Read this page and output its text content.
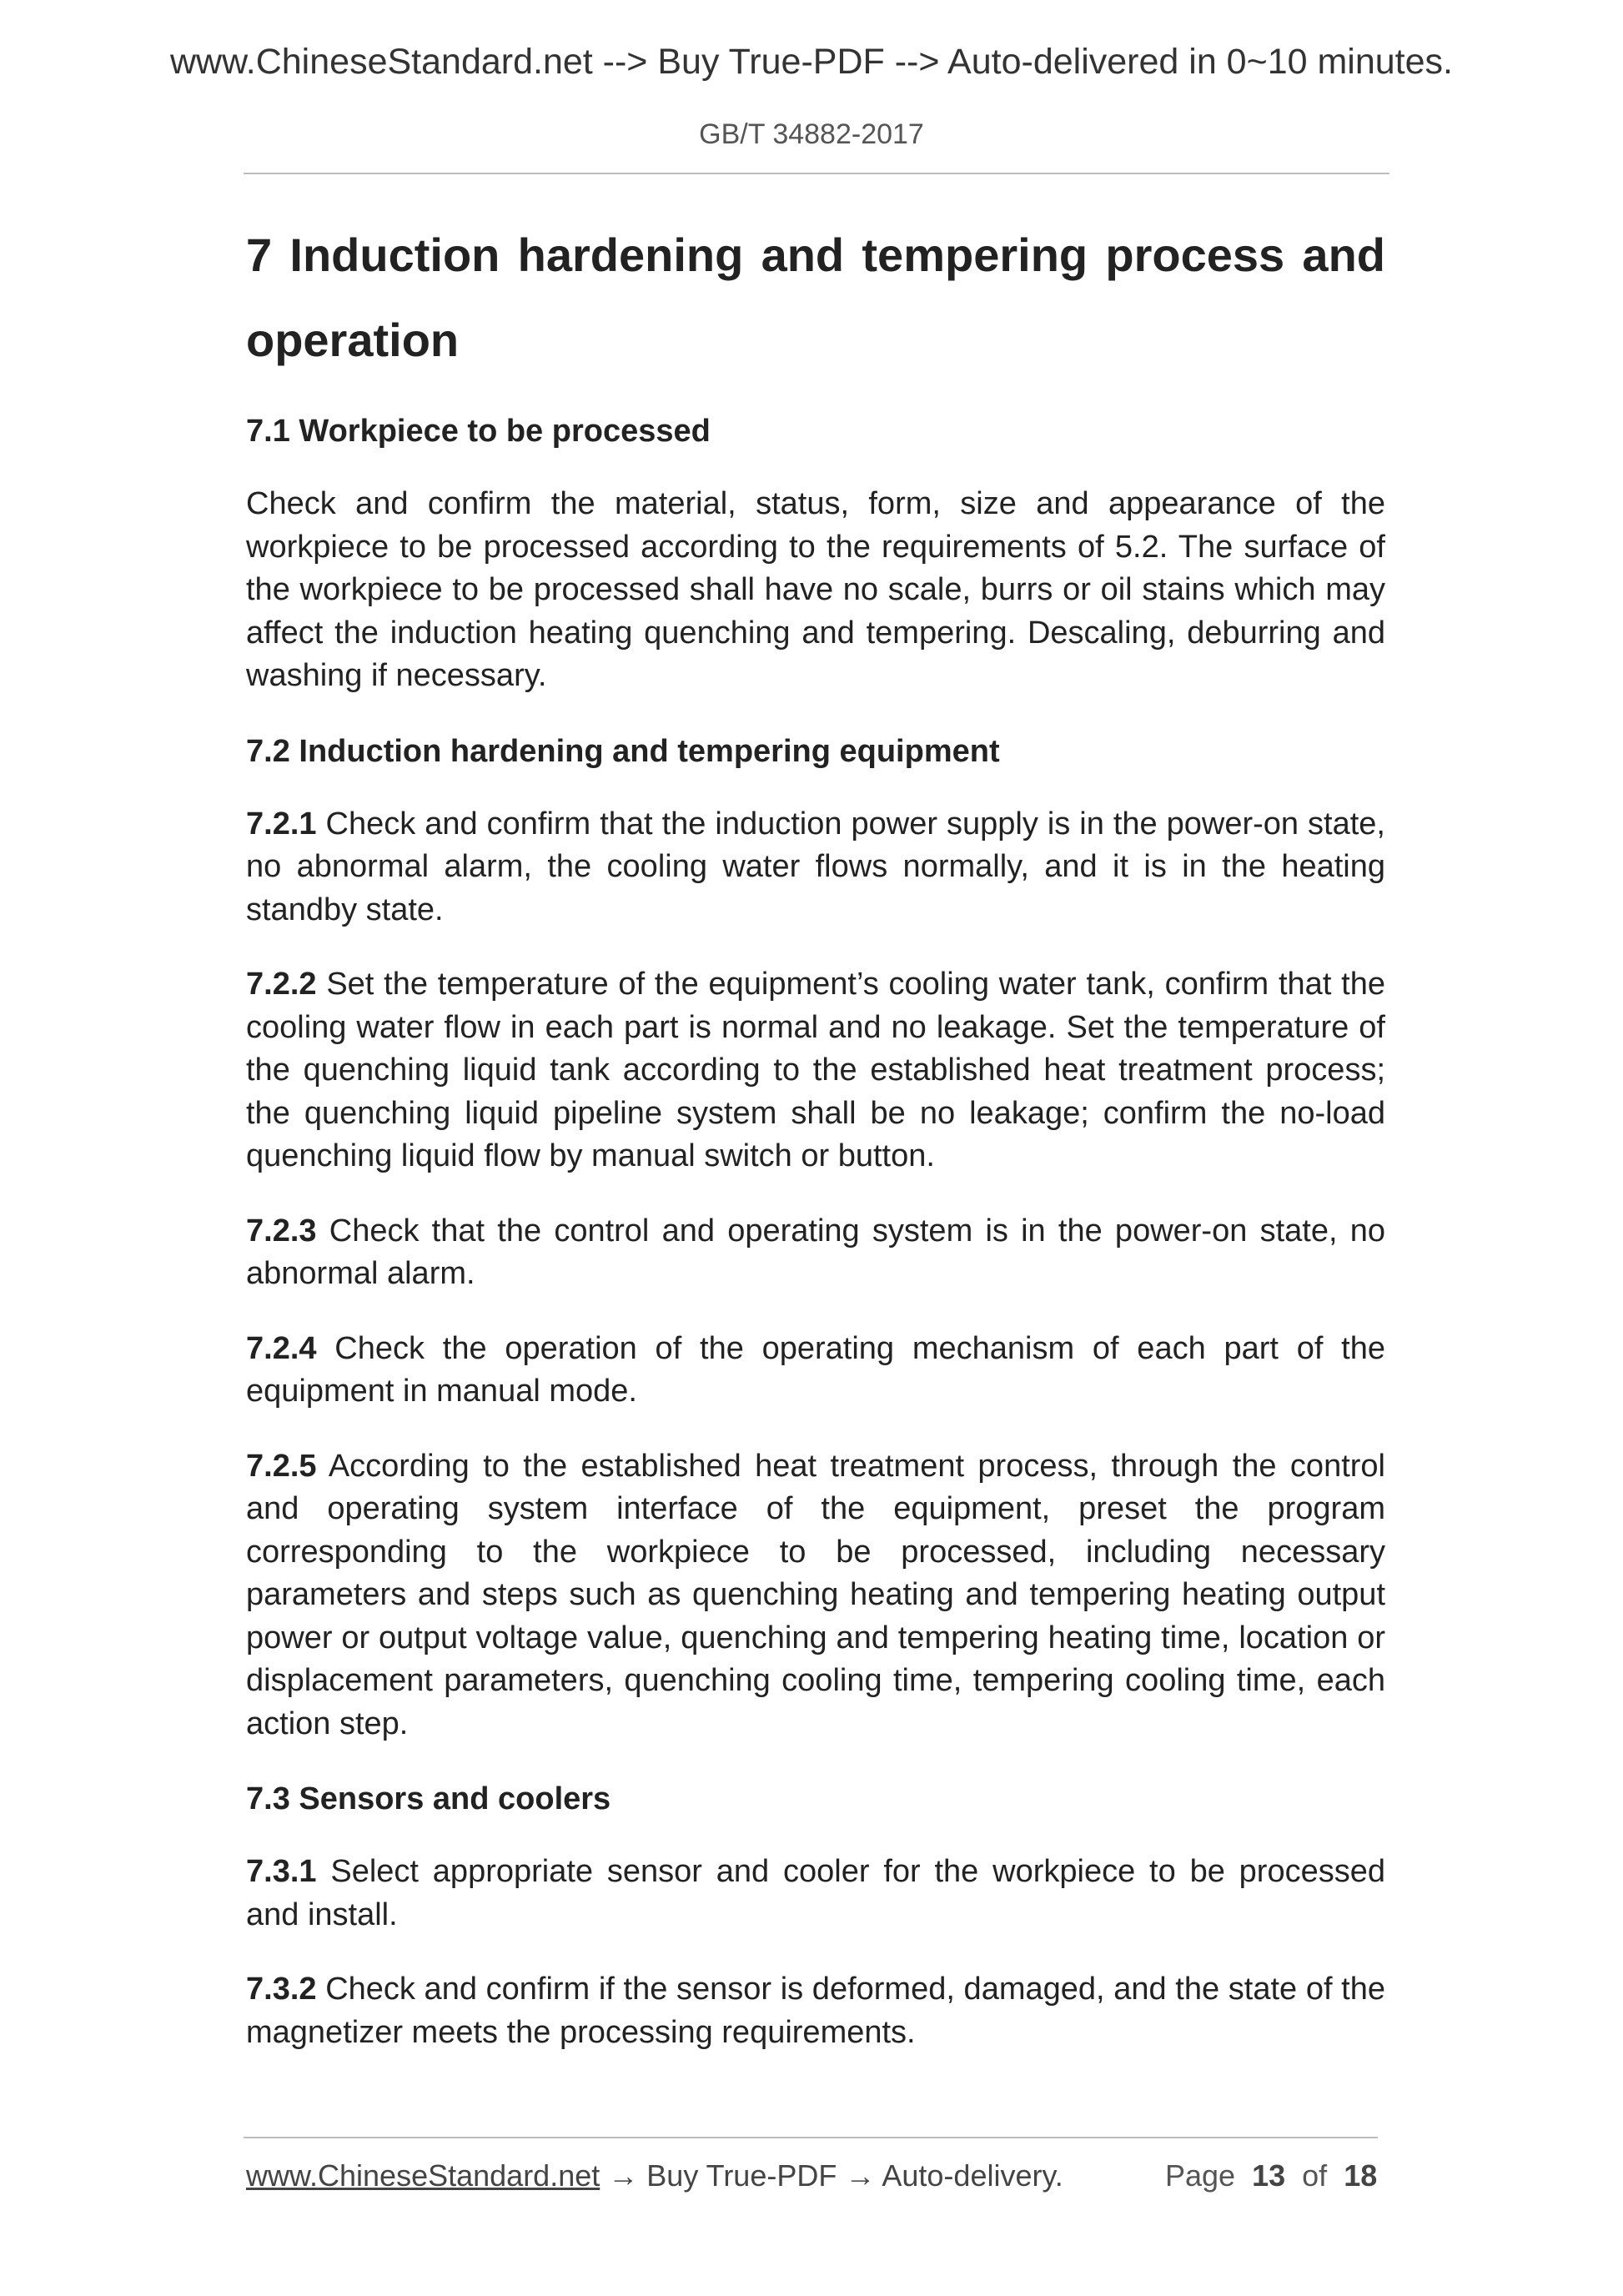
www.ChineseStandard.net --> Buy True-PDF --> Auto-delivered in 0~10 minutes.
GB/T 34882-2017
7 Induction hardening and tempering process and operation
7.1 Workpiece to be processed
Check and confirm the material, status, form, size and appearance of the workpiece to be processed according to the requirements of 5.2. The surface of the workpiece to be processed shall have no scale, burrs or oil stains which may affect the induction heating quenching and tempering. Descaling, deburring and washing if necessary.
7.2 Induction hardening and tempering equipment
7.2.1 Check and confirm that the induction power supply is in the power-on state, no abnormal alarm, the cooling water flows normally, and it is in the heating standby state.
7.2.2 Set the temperature of the equipment’s cooling water tank, confirm that the cooling water flow in each part is normal and no leakage. Set the temperature of the quenching liquid tank according to the established heat treatment process; the quenching liquid pipeline system shall be no leakage; confirm the no-load quenching liquid flow by manual switch or button.
7.2.3 Check that the control and operating system is in the power-on state, no abnormal alarm.
7.2.4 Check the operation of the operating mechanism of each part of the equipment in manual mode.
7.2.5 According to the established heat treatment process, through the control and operating system interface of the equipment, preset the program corresponding to the workpiece to be processed, including necessary parameters and steps such as quenching heating and tempering heating output power or output voltage value, quenching and tempering heating time, location or displacement parameters, quenching cooling time, tempering cooling time, each action step.
7.3 Sensors and coolers
7.3.1 Select appropriate sensor and cooler for the workpiece to be processed and install.
7.3.2 Check and confirm if the sensor is deformed, damaged, and the state of the magnetizer meets the processing requirements.
www.ChineseStandard.net → Buy True-PDF → Auto-delivery.	Page 13 of 18
